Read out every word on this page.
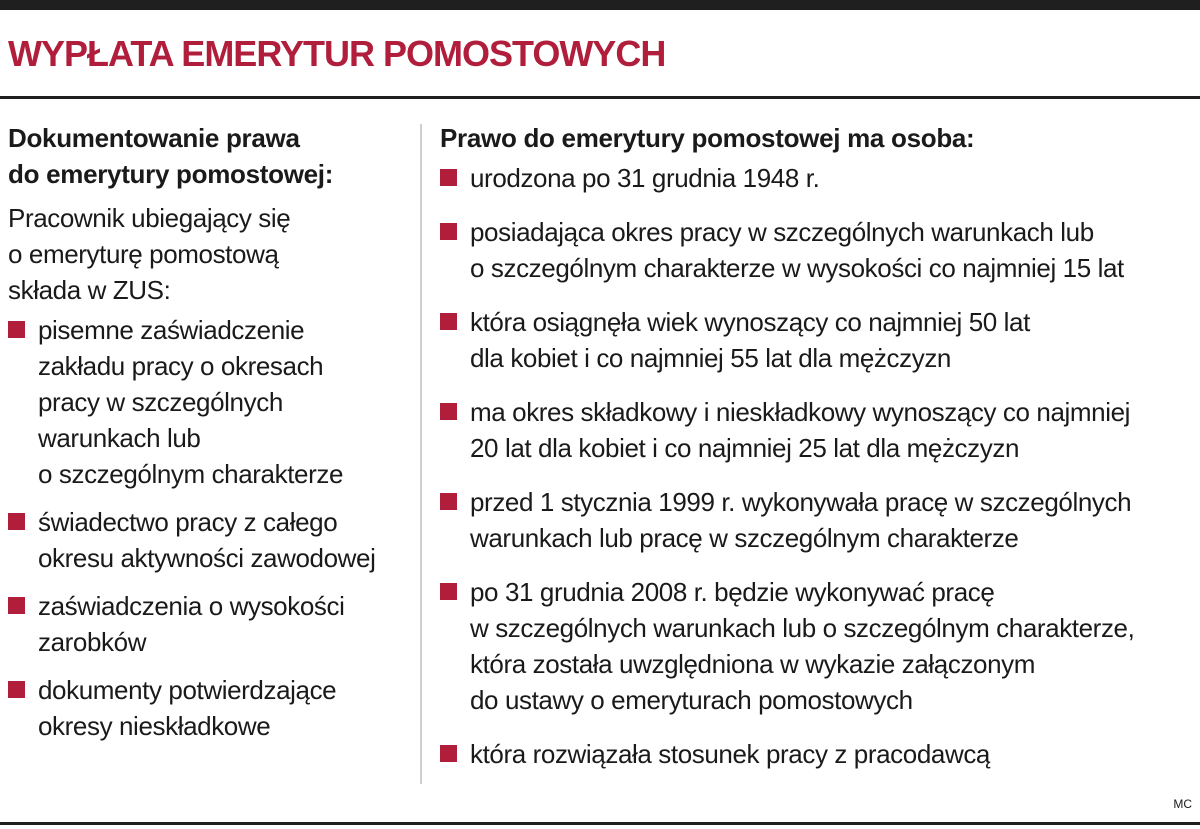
WYPŁATA EMERYTUR POMOSTOWYCH
Dokumentowanie prawa
do emerytury pomostowej:

Pracownik ubiegający się
o emeryturę pomostową
składa w ZUS:

pisemne zaświadczenie
zakładu pracy o okresach
pracy w szczególnych
warunkach lub
o szczególnym charakterze
świadectwo pracy z całego
okresu aktywności zawodowej
zaświadczenia o wysokości
zarobków
dokumenty potwierdzające
okresy nieskładkowe
Prawo do emerytury pomostowej ma osoba:
urodzona po 31 grudnia 1948 r.
posiadająca okres pracy w szczególnych warunkach lub
o szczególnym charakterze w wysokości co najmniej 15 lat
która osiągnęła wiek wynoszący co najmniej 50 lat
dla kobiet i co najmniej 55 lat dla mężczyzn
ma okres składkowy i nieskładkowy wynoszący co najmniej
20 lat dla kobiet i co najmniej 25 lat dla mężczyzn
przed 1 stycznia 1999 r. wykonywała pracę w szczególnych
warunkach lub pracę w szczególnym charakterze
po 31 grudnia 2008 r. będzie wykonywać pracę
w szczególnych warunkach lub o szczególnym charakterze,
która została uwzględniona w wykazie załączonym
do ustawy o emeryturach pomostowych
która rozwiązała stosunek pracy z pracodawcą
MC
